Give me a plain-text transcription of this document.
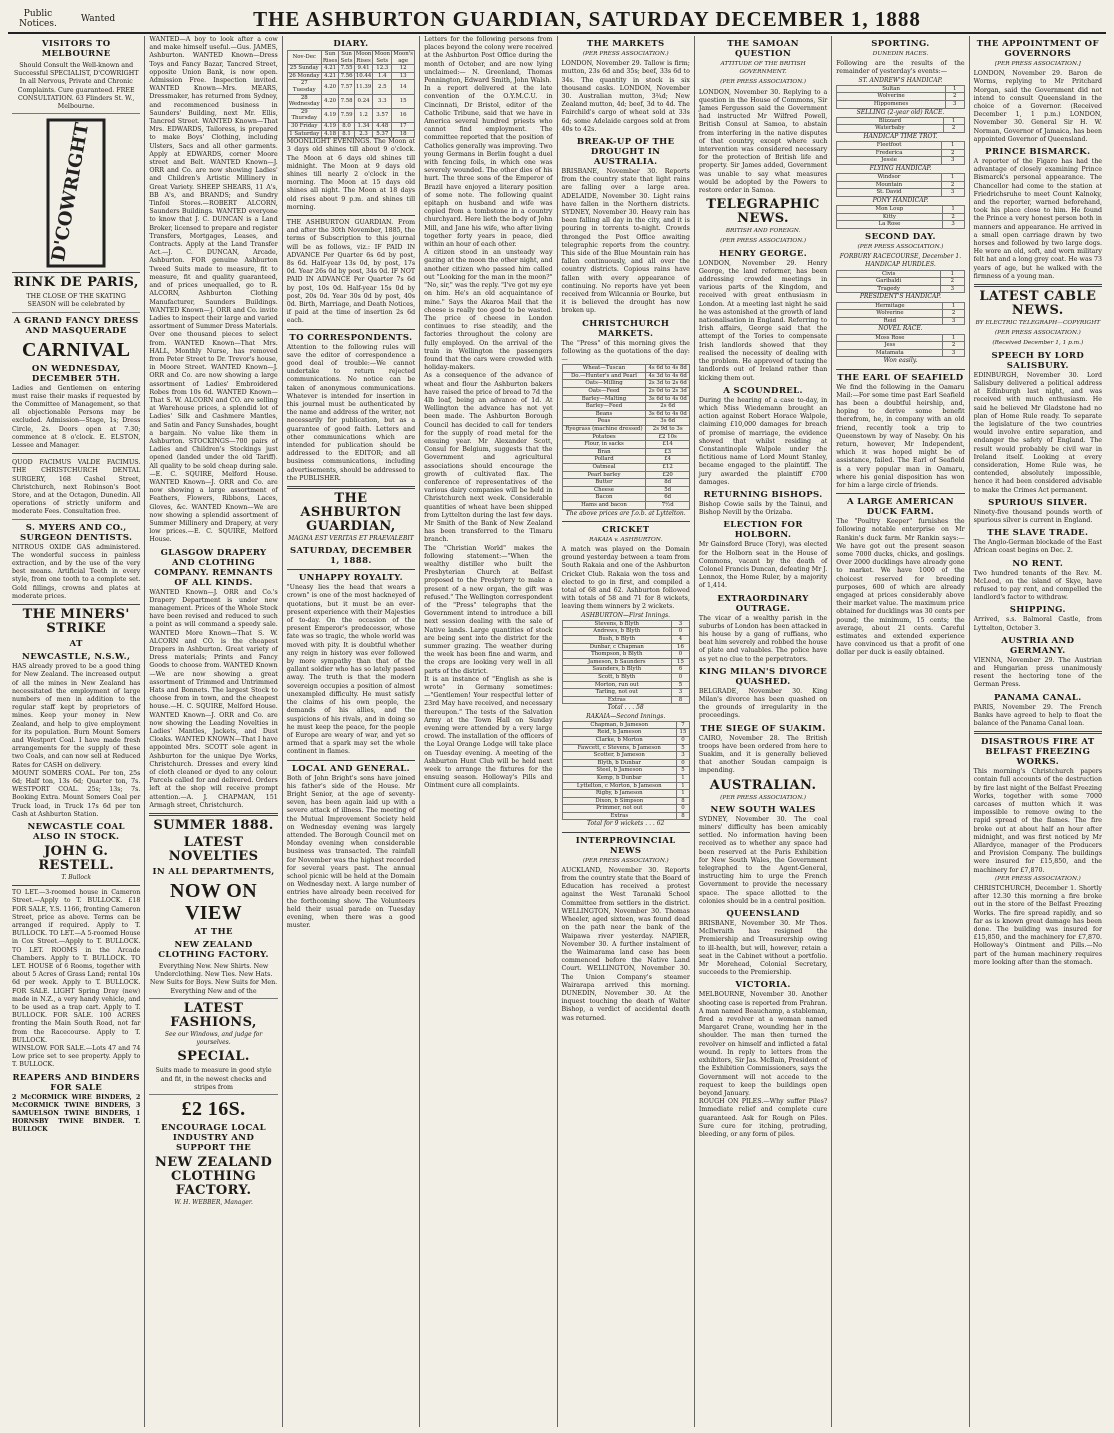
Public Notices.	Wanted	THE ASHBURTON GUARDIAN, SATURDAY DECEMBER 1, 1888
VISITORS TO MELBOURNE
Should Consult the Well-known and Successful SPECIALIST, D'COWRIGHT In all Nervous, Private and Chronic Complaints. Cure guaranteed. FREE CONSULTATION. 63 Flinders St. W., Melbourne.
D'COWRIGHT
RINK DE PARIS,
THE CLOSE OF THE SKATING SEASON will be celebrated by
A GRAND FANCY DRESS AND MASQUERADE
CARNIVAL
ON WEDNESDAY, DECEMBER 5TH.
Ladies and Gentlemen on entering must raise their masks if requested by the Committee of Management, so that all objectionable Persons may be excluded. Admission—Stage, 1s; Dress Circle, 2s. Doors open at 7.30; commence at 8 o'clock. E. ELSTON, Lessee and Manager.
QUOD FACIMUS VALDE FACIMUS. THE CHRISTCHURCH DENTAL SURGERY, 168 Cashel Street, Christchurch, next Robinson's Boot Store, and at the Octagon, Dunedin. All operations of strictly uniform and moderate Fees. Consultation free.
S. MYERS AND CO., SURGEON DENTISTS.
NITROUS OXIDE GAS administered. The wonderful success in painless extraction, and by the use of the very best means. Artificial Teeth in every style, from one tooth to a complete set. Gold fillings, crowns and plates at moderate prices.
THE MINERS' STRIKE
AT
NEWCASTLE, N.S.W.,
HAS already proved to be a good thing for New Zealand. The increased output of all the mines in New Zealand has necessitated the employment of large numbers of men in addition to the regular staff kept by proprietors of mines. Keep your money in New Zealand, and help to give employment for its population. Burn Mount Somers and Westport Coal. I have made fresh arrangements for the supply of these two Coals, and can now sell at Reduced Rates for CASH on delivery.
MOUNT SOMERS COAL. Per ton, 25s 6d; Half ton, 13s 6d; Quarter ton, 7s. WESTPORT COAL. 25s; 13s; 7s. Booking Extra. Mount Somers Coal per Truck load, in Truck 17s 6d per ton Cash at Ashburton Station.
NEWCASTLE COAL ALSO IN STOCK.
JOHN G. RESTELL.
T. Bullock
TO LET.—3-roomed house in Cameron Street.—Apply to T. BULLOCK. £18 FOR SALE, Y.S. 1166, fronting Cameron Street, price as above. Terms can be arranged if required. Apply to T. BULLOCK. TO LET.—A 5-roomed House in Cox Street.—Apply to T. BULLOCK. TO LET. ROOMS in the Arcade Chambers. Apply to T. BULLOCK. TO LET. HOUSE of 6 Rooms, together with about 5 Acres of Grass Land; rental 10s 6d per week. Apply to T. BULLOCK. FOR SALE. LIGHT Spring Dray (new) made in N.Z., a very handy vehicle, and to be used as a trap cart. Apply to T. BULLOCK. FOR SALE. 100 ACRES fronting the Main South Road, not far from the Racecourse. Apply to T. BULLOCK.
WINSLOW. FOR SALE.—Lots 47 and 74 Low price set to see property. Apply to T. BULLOCK.
REAPERS AND BINDERS FOR SALE
2 McCORMICK WIRE BINDERS, 2 McCORMICK TWINE BINDERS, 3 SAMUELSON TWINE BINDERS, 1 HORNSBY TWINE BINDER. T. BULLOCK
WANTED—A boy to look after a cow and make himself useful.—Gus. JAMES, Ashburton. WANTED Known—Dress Toys and Fancy Bazar, Tancred Street, opposite Union Bank, is now open. Admission Free. Inspection invited. WANTED Known—Mrs. MEARS, Dressmaker, has returned from Sydney, and recommenced business in Saunders' Building, next Mr. Ellis, Tancred Street. WANTED Known—That Mrs. EDWARDS, Tailoress, is prepared to make Boys' Clothing, including Ulsters, Sacs and all other garments. Apply at EDWARDS, corner Moore street and Belt. WANTED Known—J. ORR and Co. are now showing Ladies' and Children's Artistic Millinery in Great Variety. SHEEP SHEARS, 11 A's, BB A's, and BRANDS; and Sundry Tinfoil Stores.—ROBERT ALCORN, Saunders Buildings. WANTED everyone to know that J. C. DUNCAN is a Land Broker, licensed to prepare and register Transfers, Mortgages, Leases, and Contracts. Apply at the Land Transfer Act.—J. C. DUNCAN, Arcade, Ashburton. FOR genuine Ashburton Tweed Suits made to measure, fit to measure, fit and quality guaranteed, and of prices unequalled, go to R. ALCORN, Ashburton Clothing Manufacturer, Saunders Buildings. WANTED Known—J. ORR and Co. invite Ladies to inspect their large and varied assortment of Summer Dress Materials. Over one thousand pieces to select from. WANTED Known—That Mrs. HALL, Monthly Nurse, has removed from Peter Street to Dr. Trevor's house, in Moore Street. WANTED Known—J. ORR and Co. are now showing a large assortment of Ladies' Embroidered Robes from 10s 6d. WANTED Known—That S. W. ALCORN and CO. are selling at Warehouse prices, a splendid lot of Ladies' Silk and Cashmere Mantles, and Satin and Fancy Sunshades, bought a bargain. No value like them in Ashburton. STOCKINGS—700 pairs of Ladies and Children's Stockings just opened (landed under the old Tariff). All quality to be sold cheap during sale.—E. C. SQUIRE, Melford House. WANTED Known—J. ORR and Co. are now showing a large assortment of Feathers, Flowers, Ribbons, Laces, Gloves, &c. WANTED Known—We are now showing a splendid assortment of Summer Millinery and Drapery, at very low prices.—E. C. SQUIRE, Melford House.
GLASGOW DRAPERY AND CLOTHING COMPANY. REMNANTS OF ALL KINDS.
WANTED Known—J. ORR and Co.'s Drapery Department is under new management. Prices of the Whole Stock have been revised and reduced to such a point as will command a speedy sale. WANTED More Known—That S. W. ALCORN and CO. is the cheapest Drapers in Ashburton. Great variety of Dress materials; Prints and Fancy Goods to choose from. WANTED Known—We are now showing a great assortment of Trimmed and Untrimmed Hats and Bonnets. The largest Stock to choose from in town, and the cheapest house.—H. C. SQUIRE, Melford House. WANTED Known—J. ORR and Co. are now showing the Leading Novelties in Ladies' Mantles, Jackets, and Dust Cloaks. WANTED KNOWN—That I have appointed Mrs. SCOTT sole agent in Ashburton for the unique Dye Works, Christchurch. Dresses and every kind of cloth cleaned or dyed to any colour. Parcels called for and delivered. Orders left at the shop will receive prompt attention.—A. J. CHAPMAN, 151 Armagh street, Christchurch.
SUMMER 1888.
LATEST NOVELTIES
IN ALL DEPARTMENTS,
NOW ON VIEW
AT THE
NEW ZEALAND CLOTHING FACTORY.
Everything New. New Shirts. New Underclothing. New Ties. New Hats. New Suits for Boys. New Suits for Men. Everything New and of the
LATEST FASHIONS,
See our Windows, and judge for yourselves.
SPECIAL.
Suits made to measure in good style and fit, in the newest checks and stripes from
£2 16S.
ENCOURAGE LOCAL INDUSTRY AND SUPPORT THE
NEW ZEALAND CLOTHING FACTORY.
W. H. WEBBER, Manager.
DIARY.
Nov-Dec	Sun Rises	Sun Sets	Moon Rises	Moon Sets	Moon's age
25 Sunday	4.21	7.55	9.41	12.3	12
26 Monday	4.21	7.56	10.44	1.4	13
27 Tuesday	4.20	7.57	11.39	2.5	14
28 Wednesday	4.20	7.58	0.24	3.3	15
29 Thursday	4.19	7.59	1.2	3.57	16
30 Friday	4.19	8.0	1.34	4.48	17
1 Saturday	4.18	8.1	2.3	5.37	18
MOONLIGHT EVENINGS. The Moon at 3 days old shines till about 9 o'clock. The Moon at 6 days old shines till midnight. The Moon at 9 days old shines till nearly 2 o'clock in the morning. The Moon at 15 days old shines all night. The Moon at 18 days old rises about 9 p.m. and shines till morning.
THE ASHBURTON GUARDIAN. From and after the 30th November, 1885, the terms of Subscription to this journal will be as follows, viz.: IF PAID IN ADVANCE Per Quarter 6s 6d by post, 8s 6d. Half-year 13s 0d, by post, 17s 0d. Year 26s 0d by post, 34s 0d. IF NOT PAID IN ADVANCE Per Quarter 7s 6d by post, 10s 0d. Half-year 15s 0d by post, 20s 0d. Year 30s 0d by post, 40s 0d. Birth, Marriage, and Death Notices, if paid at the time of insertion 2s 6d each.
TO CORRESPONDENTS.
Attention to the following rules will save the editor of correspondence a good deal of trouble:—We cannot undertake to return rejected communications. No notice can be taken of anonymous communications. Whatever is intended for insertion in this journal must be authenticated by the name and address of the writer, not necessarily for publication, but as a guarantee of good faith. Letters and other communications which are intended for publication should be addressed to the EDITOR; and all business communications, including advertisements, should be addressed to the PUBLISHER.
THE ASHBURTON GUARDIAN,
MAGNA EST VERITAS ET PRAEVALEBIT
SATURDAY, DECEMBER 1, 1888.
UNHAPPY ROYALTY.
"Uneasy lies the head that wears a crown" is one of the most hackneyed of quotations, but it must be an ever-present experience with their Majesties of to-day. On the occasion of the present Emperor's predecessor, whose fate was so tragic, the whole world was moved with pity. It is doubtful whether any reign in history was ever followed by more sympathy than that of the gallant soldier who has so lately passed away. The truth is that the modern sovereign occupies a position of almost unexampled difficulty. He must satisfy the claims of his own people, the demands of his allies, and the suspicions of his rivals, and in doing so he must keep the peace, for the people of Europe are weary of war, and yet so armed that a spark may set the whole continent in flames.
LOCAL AND GENERAL.
Both of John Bright's sons have joined his father's side of the House. Mr Bright Senior, at the age of seventy-seven, has been again laid up with a severe attack of illness. The meeting of the Mutual Improvement Society held on Wednesday evening was largely attended. The Borough Council met on Monday evening when considerable business was transacted. The rainfall for November was the highest recorded for several years past. The annual school picnic will be held at the Domain on Wednesday next. A large number of entries have already been received for the forthcoming show. The Volunteers held their usual parade on Tuesday evening, when there was a good muster.
Letters for the following persons from places beyond the colony were received at the Ashburton Post Office during the month of October, and are now lying unclaimed:— N. Greenland, Thomas Pennington, Edward Smith, John Walsh.
In a report delivered at the late convention of the O.Y.M.C.U. in Cincinnati, Dr Bristol, editor of the Catholic Tribune, said that we have in America several hundred priests who cannot find employment. The committee reported that the position of Catholics generally was improving. Two young Germans in Berlin fought a duel with fencing foils, in which one was severely wounded. The other dies of his hurt. The three sons of the Emperor of Brazil have enjoyed a literary position of some note. The following quaint epitaph on husband and wife was copied from a tombstone in a country churchyard. Here lieth the body of John Mill, and Jane his wife, who after living together forty years in peace, died within an hour of each other.
A citizen stood in an unsteady way gazing at the moon the other night, and another citizen who passed him called out "Looking for the man in the moon?" "No, sir," was the reply. "I've got my eye on him. He's an old acquaintance of mine." Says the Akaroa Mail that the cheese is really too good to be wasted. The price of cheese in London continues to rise steadily, and the factories throughout the colony are fully employed. On the arrival of the train in Wellington the passengers found that the cars were crowded with holiday-makers.
As a consequence of the advance of wheat and flour the Ashburton bakers have raised the price of bread to 7d the 4lb loaf, being an advance of 1d. At Wellington the advance has not yet been made. The Ashburton Borough Council has decided to call for tenders for the supply of road metal for the ensuing year. Mr Alexander Scott, Consul for Belgium, suggests that the Government and agricultural associations should encourage the growth of cultivated flax. The conference of representatives of the various dairy companies will be held in Christchurch next week. Considerable quantities of wheat have been shipped from Lyttelton during the last few days. Mr Smith of the Bank of New Zealand has been transferred to the Timaru branch.
The "Christian World" makes the following statement:—"When the wealthy distiller who built the Presbyterian Church at Belfast proposed to the Presbytery to make a present of a new organ, the gift was refused." The Wellington correspondent of the "Press" telegraphs that the Government intend to introduce a bill next session dealing with the sale of Native lands. Large quantities of stock are being sent into the district for the summer grazing. The weather during the week has been fine and warm, and the crops are looking very well in all parts of the district.
It is an instance of "English as she is wrote" in Germany sometimes:—"Gentlemen! Your respectful letter of 23rd May have received, and necessary thereupon." The tests of the Salvation Army at the Town Hall on Sunday evening were attended by a very large crowd. The installation of the officers of the Loyal Orange Lodge will take place on Tuesday evening. A meeting of the Ashburton Hunt Club will be held next week to arrange the fixtures for the ensuing season. Holloway's Pills and Ointment cure all complaints.
THE MARKETS
(PER PRESS ASSOCIATION.)
LONDON, November 29. Tallow is firm; mutton, 23s 6d and 35s; beef, 33s 6d to 34s. The quantity in stock is six thousand casks. LONDON, November 30. Australian mutton, 3¾d; New Zealand mutton, 4d; beef, 3d to 4d. The Fairchild's cargo of wheat sold at 33s 6d; some Adelaide cargoes sold at from 40s to 42s.
BREAK-UP OF THE DROUGHT IN AUSTRALIA.
BRISBANE, November 30. Reports from the country state that light rains are falling over a large area. ADELAIDE, November 30. Light rains have fallen in the Northern districts. SYDNEY, November 30. Heavy rain has been falling all day in the city, and it is pouring in torrents to-night. Crowds thronged the Post Office awaiting telegraphic reports from the country. This side of the Blue Mountain rain has fallen continuously, and all over the country districts. Copious rains have fallen with every appearance of continuing. No reports have yet been received from Wilcannia or Bourke, but it is believed the drought has now broken up.
CHRISTCHURCH MARKETS.
The "Press" of this morning gives the following as the quotations of the day:—
Wheat—Tuscan	4s 6d to 4s 8d
Do.—Hunter's and Pearl	4s 3d to 4s 6d
Oats—Milling	2s 3d to 2s 6d
Oats—Feed	2s 0d to 2s 3d
Barley—Malting	3s 6d to 4s 0d
Barley—Feed	2s 6d
Beans	3s 6d to 4s 0d
Peas	3s 6d
Ryegrass (machine dressed)	2s 9d to 3s
Potatoes	£2 10s
Flour, in sacks	£14
Bran	£3
Pollard	£4
Oatmeal	£12
Pearl barley	£20
Butter	8d
Cheese	5d
Bacon	6d
Hams and bacon	7½d
The above prices are f.o.b. at Lyttelton.
CRICKET
RAKAIA v. ASHBURTON.
A match was played on the Domain ground yesterday between a team from South Rakaia and one of the Ashburton Cricket Club. Rakaia won the toss and elected to go in first, and compiled a total of 68 and 62. Ashburton followed with totals of 58 and 71 for 8 wickets, leaving them winners by 2 wickets.
ASHBURTON—First Innings.
Stevens, b Blyth	3
Andrews, b Blyth	0
Bush, b Blyth	4
Dunbar, c Chapman	16
Thompson, b Blyth	0
Jameson, b Saunders	15
Saunders, b Blyth	6
Scott, b Blyth	0
Morton, run out	5
Tarling, not out	3
Extras	8
Total . . . 58
RAKAIA—Second Innings.
Chapman, b Jameson	7
Reid, b Jameson	15
Clarke, b Morton	0
Fawcett, c Stevens, b Jameson	5
Scotter, b Jameson	3
Blyth, b Dunbar	0
Steel, b Jameson	5
Kemp, b Dunbar	1
Lyttelton, c Morton, b Jameson	1
Rigby, b Jameson	1
Dixon, b Simpson	8
Primmer, not out	0
Extras	8
Total for 9 wickets . . . 62
INTERPROVINCIAL NEWS
(PER PRESS ASSOCIATION.)
AUCKLAND, November 30. Reports from the country state that the Board of Education has received a protest against the West Taranaki School Committee from settlers in the district. WELLINGTON, November 30. Thomas Wheeler, aged sixteen, was found dead on the path near the bank of the Waipawa river yesterday. NAPIER, November 30. A further instalment of the Waimarama land case has been commenced before the Native Land Court. WELLINGTON, November 30. The Union Company's steamer Wairarapa arrived this morning. DUNEDIN, November 30. At the inquest touching the death of Walter Bishop, a verdict of accidental death was returned.
THE SAMOAN QUESTION
ATTITUDE OF THE BRITISH GOVERNMENT.
(PER PRESS ASSOCIATION.)
LONDON, November 30. Replying to a question in the House of Commons, Sir James Fergusson said the Government had instructed Mr Wilfred Powell, British Consul at Samoa, to abstain from interfering in the native disputes of that country, except where such intervention was considered necessary for the protection of British life and property. Sir James added, Government was unable to say what measures would be adopted by the Powers to restore order in Samoa.
TELEGRAPHIC NEWS.
BRITISH AND FOREIGN.
(PER PRESS ASSOCIATION.)
HENRY GEORGE.
LONDON, November 29. Henry George, the land reformer, has been addressing crowded meetings in various parts of the Kingdom, and received with great enthusiasm in London. At a meeting last night he said he was astonished at the growth of land nationalisation in England. Referring to Irish affairs, George said that the attempt of the Tories to compensate Irish landlords showed that they realised the necessity of dealing with the problem. He approved of taxing the landlords out of Ireland rather than kicking them out.
A SCOUNDREL.
During the hearing of a case to-day, in which Miss Wiedemann brought an action against Robert Horace Walpole, claiming £10,000 damages for breach of promise of marriage, the evidence showed that whilst residing at Constantinople Walpole under the fictitious name of Lord Mount Stanley, became engaged to the plaintiff. The jury awarded the plaintiff £700 damages.
RETURNING BISHOPS.
Bishop Cowie sails by the Tainui, and Bishop Nevill by the Orizaba.
ELECTION FOR HOLBORN.
Mr Gainsford Bruce (Tory), was elected for the Holborn seat in the House of Commons, vacant by the death of Colonel Francis Duncan, defeating Mr J. Lennox, the Home Ruler, by a majority of 1,414.
EXTRAORDINARY OUTRAGE.
The vicar of a wealthy parish in the suburbs of London has been attacked in his house by a gang of ruffians, who beat him severely and robbed the house of plate and valuables. The police have as yet no clue to the perpetrators.
KING MILAN'S DIVORCE QUASHED.
BELGRADE, November 30. King Milan's divorce has been quashed on the grounds of irregularity in the proceedings.
THE SIEGE OF SUAKIM.
CAIRO, November 28. The British troops have been ordered from here to Suakim, and it is generally believed that another Soudan campaign is impending.
AUSTRALIAN.
(PER PRESS ASSOCIATION.)
NEW SOUTH WALES
SYDNEY, November 30. The coal miners' difficulty has been amicably settled. No information having been received as to whether any space had been reserved at the Paris Exhibition for New South Wales, the Government telegraphed to the Agent-General, instructing him to urge the French Government to provide the necessary space. The space allotted to the colonies should be in a central position.
QUEENSLAND
BRISBANE, November 30. Mr Thos. McIlwraith has resigned the Premiership and Treasurership owing to ill-health, but will, however, retain a seat in the Cabinet without a portfolio. Mr Morehead, Colonial Secretary, succeeds to the Premiership.
VICTORIA.
MELBOURNE, November 30. Another shooting case is reported from Prahran. A man named Beauchamp, a stableman, fired a revolver at a woman named Margaret Crane, wounding her in the shoulder. The man then turned the revolver on himself and inflicted a fatal wound. In reply to letters from the exhibitors, Sir Jas. McBain, President of the Exhibition Commissioners, says the Government will not accede to the request to keep the buildings open beyond January.
ROUGH ON PILES.—Why suffer Piles? Immediate relief and complete cure guaranteed. Ask for Rough on Piles. Sure cure for itching, protruding, bleeding, or any form of piles.
SPORTING.
DUNEDIN RACES.
Following are the results of the remainder of yesterday's events:—
ST. ANDREW'S HANDICAP.
Sultan	1
Wolverine	2
Hippomenes	3
SELLING (2-year old) RACE.
Blizzard	1
Waterbaby	2
HANDICAP TIME TROT.
Fleetfoot	1
Frederica	2
Jessie	3
FLYING HANDICAP.
Windsor	1
Mountain	2
St. David	3
PONY HANDICAP.
Mon Loup	1
Kitty	2
La Rose	3
SECOND DAY.
(PER PRESS ASSOCIATION.)
FORBURY RACECOURSE, December 1. HANDICAP HURDLES.
Civis	1
Garibaldi	2
Tragedy	3
PRESIDENT'S HANDICAP.
Hermitage	1
Wolverine	2
Reid	3
NOVEL RACE.
Moss Rose	1
Jess	2
Matamata	3
Won easily.
THE EARL OF SEAFIELD
We find the following in the Oamaru Mail:—For some time past Earl Seafield has been a doubtful heirship, and, hoping to derive some benefit therefrom, he, in company with an old friend, recently took a trip to Queenstown by way of Naseby. On his return, however, Mr Independent, which it was hoped might be of assistance, failed. The Earl of Seafield is a very popular man in Oamaru, where his genial disposition has won for him a large circle of friends.
A LARGE AMERICAN DUCK FARM.
The "Poultry Keeper" furnishes the following notable enterprise on Mr Rankin's duck farm. Mr Rankin says:—We have got out the present season some 7000 ducks, chicks, and goslings. Over 2000 ducklings have already gone to market. We have 1000 of the choicest reserved for breeding purposes, 600 of which are already engaged at prices considerably above their market value. The maximum price obtained for ducklings was 30 cents per pound; the minimum, 15 cents; the average, about 21 cents. Careful estimates and extended experience have convinced us that a profit of one dollar per duck is easily obtained.
THE APPOINTMENT OF GOVERNORS
[PER PRESS ASSOCIATION.]
LONDON, November 29. Baron de Worms, replying to Mr Pritchard Morgan, said the Government did not intend to consult Queensland in the choice of a Governor. (Received December 1, 1 p.m.) LONDON, November 30. General Sir H. W. Norman, Governor of Jamaica, has been appointed Governor of Queensland.
PRINCE BISMARCK.
A reporter of the Figaro has had the advantage of closely examining Prince Bismarck's personal appearance. The Chancellor had come to the station at Friedrichsruhe to meet Count Kalnoky, and the reporter, warned beforehand, took his place close to him. He found the Prince a very honest person both in manners and appearance. He arrived in a small open carriage drawn by two horses and followed by two large dogs. He wore an old, soft, and worn military felt hat and a long grey coat. He was 73 years of age, but he walked with the firmness of a young man.
LATEST CABLE NEWS.
BY ELECTRIC TELEGRAPH—COPYRIGHT
(PER PRESS ASSOCIATION.)
(Received December 1, 1 p.m.)
SPEECH BY LORD SALISBURY.
EDINBURGH, November 30. Lord Salisbury delivered a political address at Edinburgh last night, and was received with much enthusiasm. He said he believed Mr Gladstone had no plan of Home Rule ready. To separate the legislature of the two countries would involve entire separation, and endanger the safety of England. The result would probably be civil war in Ireland itself. Looking at every consideration, Home Rule was, he contended, absolutely impossible, hence it had been considered advisable to make the Crimes Act permanent.
SPURIOUS SILVER.
Ninety-five thousand pounds worth of spurious silver is current in England.
THE SLAVE TRADE.
The Anglo-German blockade of the East African coast begins on Dec. 2.
NO RENT.
Two hundred tenants of the Rev. M. McLeod, on the island of Skye, have refused to pay rent, and compelled the landlord's factor to withdraw.
SHIPPING.
Arrived, s.s. Balmoral Castle, from Lyttelton, October 3.
AUSTRIA AND GERMANY.
VIENNA, November 29. The Austrian and Hungarian press unanimously resent the hectoring tone of the German Press.
PANAMA CANAL.
PARIS, November 29. The French Banks have agreed to help to float the balance of the Panama Canal loan.
DISASTROUS FIRE AT BELFAST FREEZING WORKS.
This morning's Christchurch papers contain full accounts of the destruction by fire last night of the Belfast Freezing Works, together with some 7000 carcases of mutton which it was impossible to remove owing to the rapid spread of the flames. The fire broke out at about half an hour after midnight, and was first noticed by Mr Allardyce, manager of the Producers and Provision Company. The buildings were insured for £15,850, and the machinery for £7,870.
(PER PRESS ASSOCIATION.)
CHRISTCHURCH, December 1. Shortly after 12.30 this morning a fire broke out in the store of the Belfast Freezing Works. The fire spread rapidly, and so far as is known great damage has been done. The building was insured for £15,850, and the machinery for £7,870. Holloway's Ointment and Pills.—No part of the human machinery requires more looking after than the stomach.
